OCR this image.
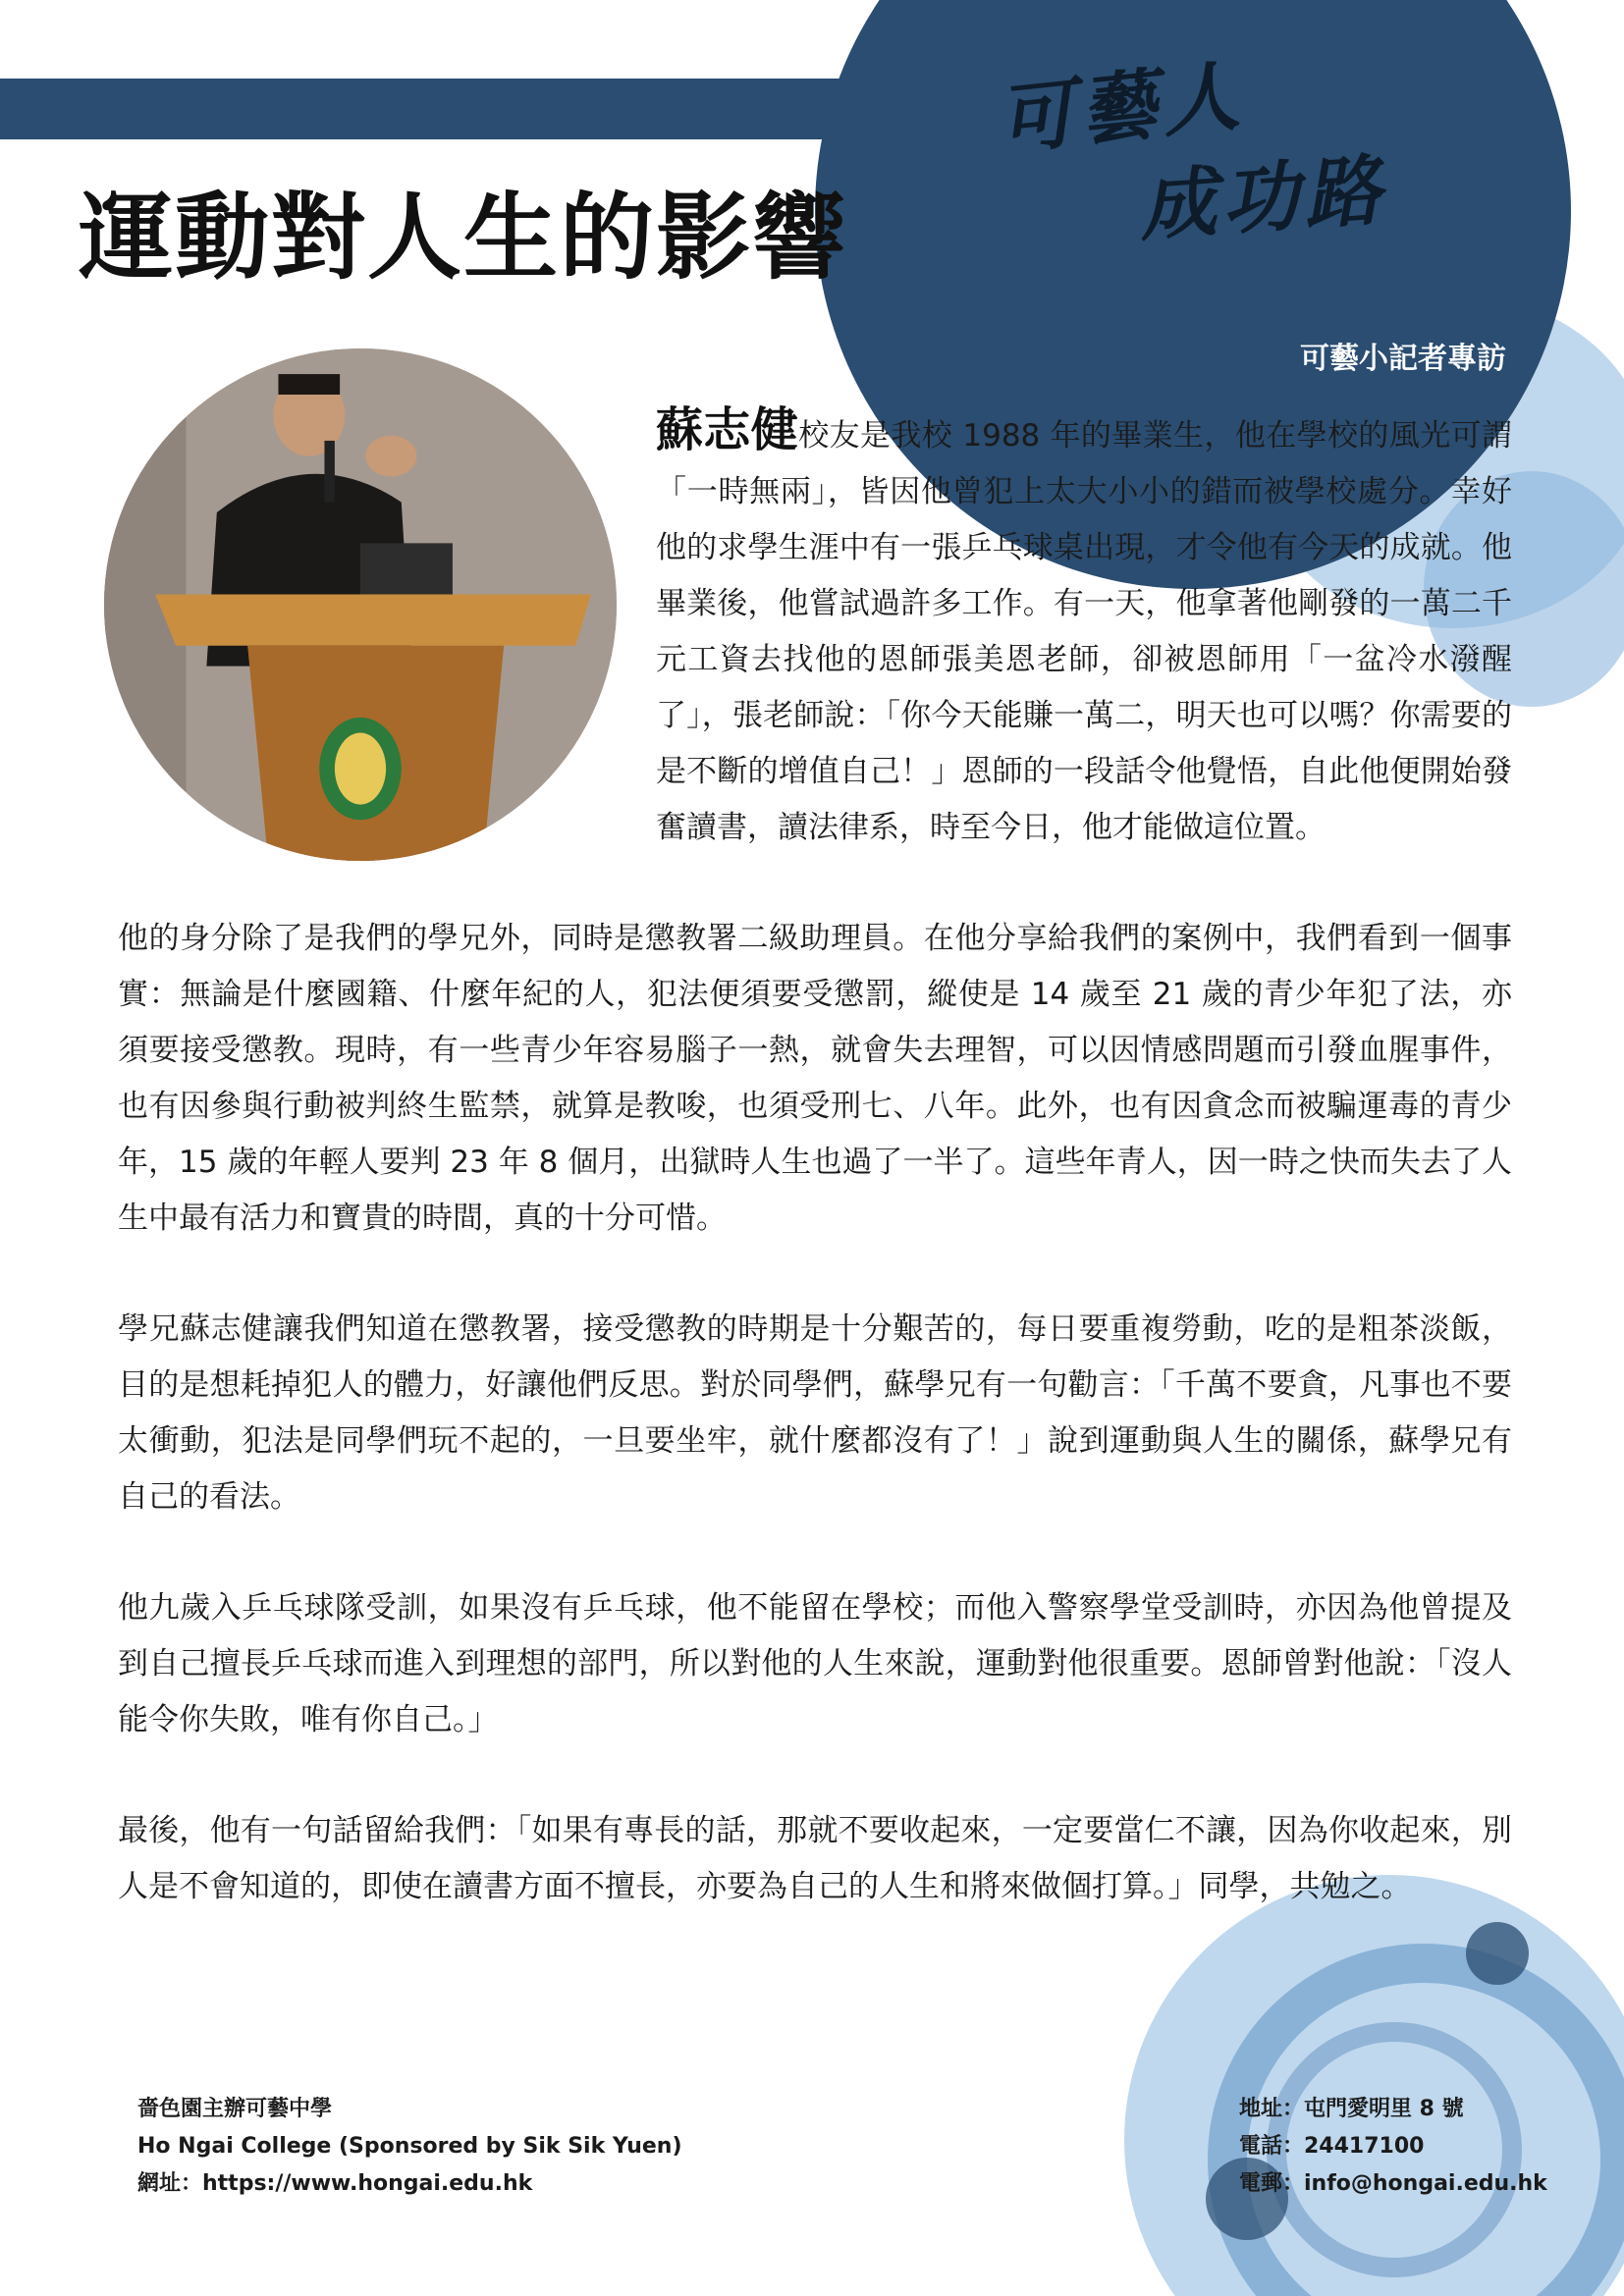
運動對人生的影響
可藝人
成功路
可藝小記者專訪

蘇志健校友是我校 1988 年的畢業生，他在學校的風光可謂「一時無兩」，皆因他曾犯上太大小小的錯而被學校處分。幸好他的求學生涯中有一張乒乓球桌出現，才令他有今天的成就。他畢業後，他嘗試過許多工作。有一天，他拿著他剛發的一萬二千元工資去找他的恩師張美恩老師，卻被恩師用「一盆冷水潑醒了」，張老師說：「你今天能賺一萬二，明天也可以嗎？你需要的是不斷的增值自己！」恩師的一段話令他覺悟，自此他便開始發奮讀書，讀法律系，時至今日，他才能做這位置。

他的身分除了是我們的學兄外，同時是懲教署二級助理員。在他分享給我們的案例中，我們看到一個事實：無論是什麼國籍、什麼年紀的人，犯法便須要受懲罰，縱使是 14 歲至 21 歲的青少年犯了法，亦須要接受懲教。現時，有一些青少年容易腦子一熱，就會失去理智，可以因情感問題而引發血腥事件，也有因參與行動被判終生監禁，就算是教唆，也須受刑七、八年。此外，也有因貪念而被騙運毒的青少年，15 歲的年輕人要判 23 年 8 個月，出獄時人生也過了一半了。這些年青人，因一時之快而失去了人生中最有活力和寶貴的時間，真的十分可惜。

學兄蘇志健讓我們知道在懲教署，接受懲教的時期是十分艱苦的，每日要重複勞動，吃的是粗茶淡飯，目的是想耗掉犯人的體力，好讓他們反思。對於同學們，蘇學兄有一句勸言：「千萬不要貪，凡事也不要太衝動，犯法是同學們玩不起的，一旦要坐牢，就什麼都沒有了！」說到運動與人生的關係，蘇學兄有自己的看法。

他九歲入乒乓球隊受訓，如果沒有乒乓球，他不能留在學校；而他入警察學堂受訓時，亦因為他曾提及到自己擅長乒乓球而進入到理想的部門，所以對他的人生來說，運動對他很重要。恩師曾對他說：「沒人能令你失敗，唯有你自己。」

最後，他有一句話留給我們：「如果有專長的話，那就不要收起來，一定要當仁不讓，因為你收起來，別人是不會知道的，即使在讀書方面不擅長，亦要為自己的人生和將來做個打算。」同學，共勉之。

嗇色園主辦可藝中學
Ho Ngai College (Sponsored by Sik Sik Yuen)
網址：https://www.hongai.edu.hk
地址：屯門愛明里 8 號
電話：24417100
電郵：info@hongai.edu.hk
